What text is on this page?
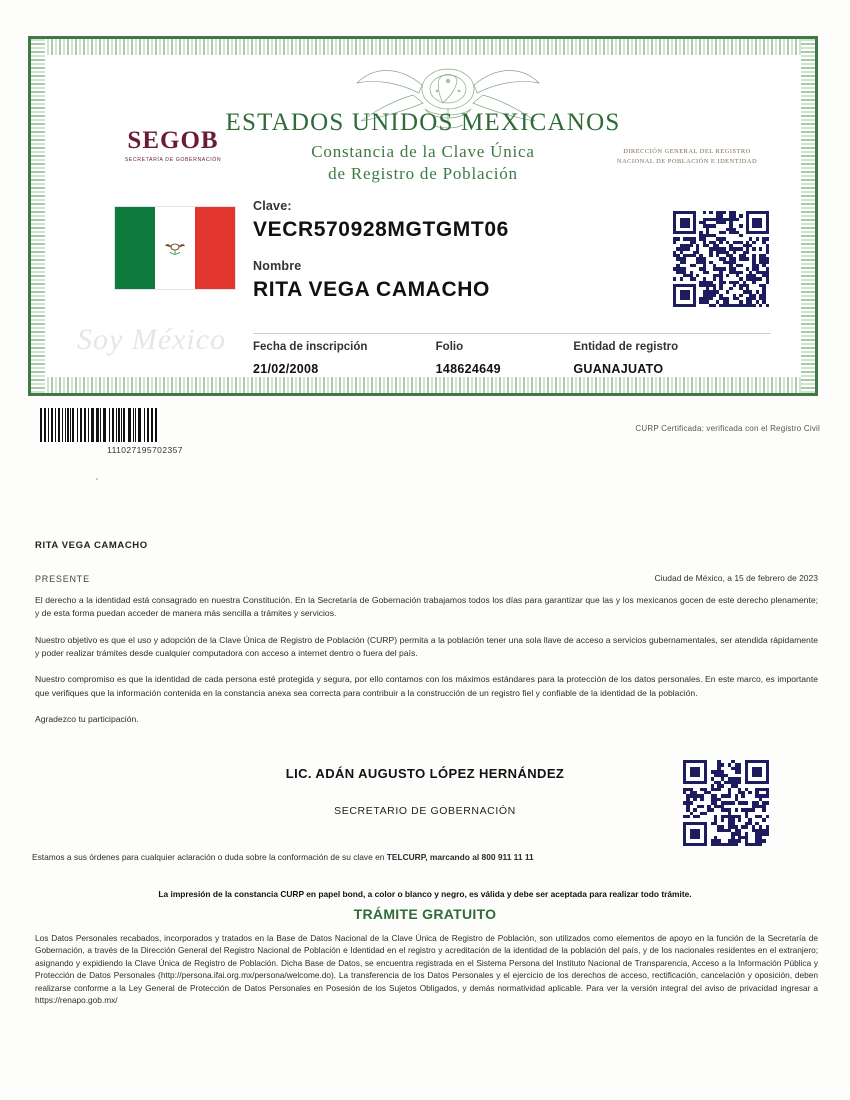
ESTADOS UNIDOS MEXICANOS
Constancia de la Clave Única
de Registro de Población
SEGOB
SECRETARÍA DE GOBERNACIÓN
DIRECCIÓN GENERAL DEL REGISTRO NACIONAL DE POBLACIÓN E IDENTIDAD
Soy México
Clave:
VECR570928MGTGMT06
Nombre
RITA VEGA CAMACHO
Fecha de inscripción
21/02/2008
Folio
148624649
Entidad de registro
GUANAJUATO
111027195702357
CURP Certificada: verificada con el Registro Civil
RITA VEGA CAMACHO
PRESENTE	Ciudad de México, a 15 de febrero de 2023

El derecho a la identidad está consagrado en nuestra Constitución. En la Secretaría de Gobernación trabajamos todos los días para garantizar que las y los mexicanos gocen de este derecho plenamente; y de esta forma puedan acceder de manera más sencilla a trámites y servicios.

Nuestro objetivo es que el uso y adopción de la Clave Única de Registro de Población (CURP) permita a la población tener una sola llave de acceso a servicios gubernamentales, ser atendida rápidamente y poder realizar trámites desde cualquier computadora con acceso a internet dentro o fuera del país.

Nuestro compromiso es que la identidad de cada persona esté protegida y segura, por ello contamos con los máximos estándares para la protección de los datos personales. En este marco, es importante que verifiques que la información contenida en la constancia anexa sea correcta para contribuir a la construcción de un registro fiel y confiable de la identidad de la población.

Agradezco tu participación.

LIC. ADÁN AUGUSTO LÓPEZ HERNÁNDEZ
SECRETARIO DE GOBERNACIÓN
Estamos a sus órdenes para cualquier aclaración o duda sobre la conformación de su clave en TELCURP, marcando al 800 911 11 11
La impresión de la constancia CURP en papel bond, a color o blanco y negro, es válida y debe ser aceptada para realizar todo trámite.
TRÁMITE GRATUITO
Los Datos Personales recabados, incorporados y tratados en la Base de Datos Nacional de la Clave Única de Registro de Población, son utilizados como elementos de apoyo en la función de la Secretaría de Gobernación, a través de la Dirección General del Registro Nacional de Población e Identidad en el registro y acreditación de la identidad de la población del país, y de los nacionales residentes en el extranjero; asignando y expidiendo la Clave Única de Registro de Población. Dicha Base de Datos, se encuentra registrada en el Sistema Persona del Instituto Nacional de Transparencia, Acceso a la Información Pública y Protección de Datos Personales (http://persona.ifai.org.mx/persona/welcome.do). La transferencia de los Datos Personales y el ejercicio de los derechos de acceso, rectificación, cancelación y oposición, deben realizarse conforme a la Ley General de Protección de Datos Personales en Posesión de los Sujetos Obligados, y demás normatividad aplicable. Para ver la versión integral del aviso de privacidad ingresar a https://renapo.gob.mx/
